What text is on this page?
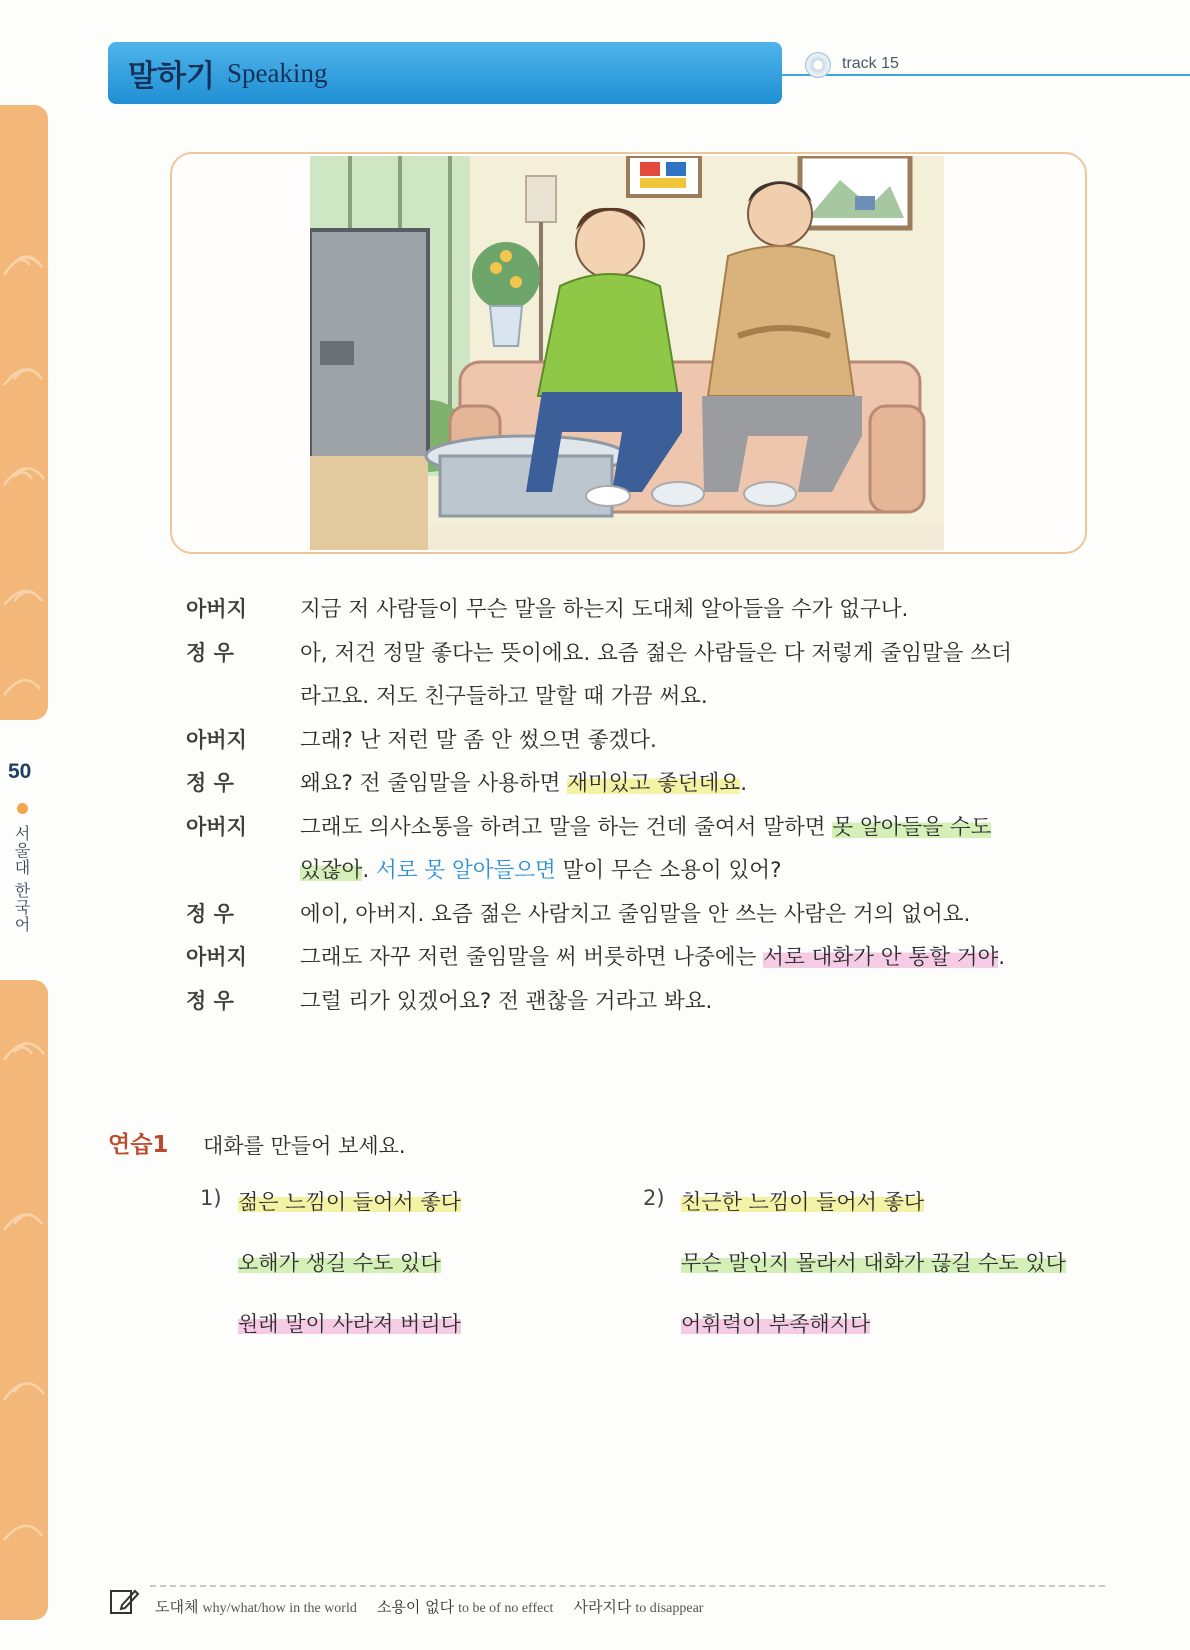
50
서울대 한국어
말하기 Speaking	track 15
아버지	지금 저 사람들이 무슨 말을 하는지 도대체 알아들을 수가 없구나.
정 우	아, 저건 정말 좋다는 뜻이에요. 요즘 젊은 사람들은 다 저렇게 줄임말을 쓰더
라고요. 저도 친구들하고 말할 때 가끔 써요.
아버지	그래? 난 저런 말 좀 안 썼으면 좋겠다.
정 우	왜요? 전 줄임말을 사용하면 재미있고 좋던데요.
아버지	그래도 의사소통을 하려고 말을 하는 건데 줄여서 말하면 못 알아들을 수도
있잖아. 서로 못 알아들으면 말이 무슨 소용이 있어?
정 우	에이, 아버지. 요즘 젊은 사람치고 줄임말을 안 쓰는 사람은 거의 없어요.
아버지	그래도 자꾸 저런 줄임말을 써 버릇하면 나중에는 서로 대화가 안 통할 거야.
정 우	그럴 리가 있겠어요? 전 괜찮을 거라고 봐요.
연습1 대화를 만들어 보세요.
1) 젊은 느낌이 들어서 좋다
오해가 생길 수도 있다
원래 말이 사라져 버리다
2) 친근한 느낌이 들어서 좋다
무슨 말인지 몰라서 대화가 끊길 수도 있다
어휘력이 부족해지다
도대체 why/what/how in the world 소용이 없다 to be of no effect 사라지다 to disappear
